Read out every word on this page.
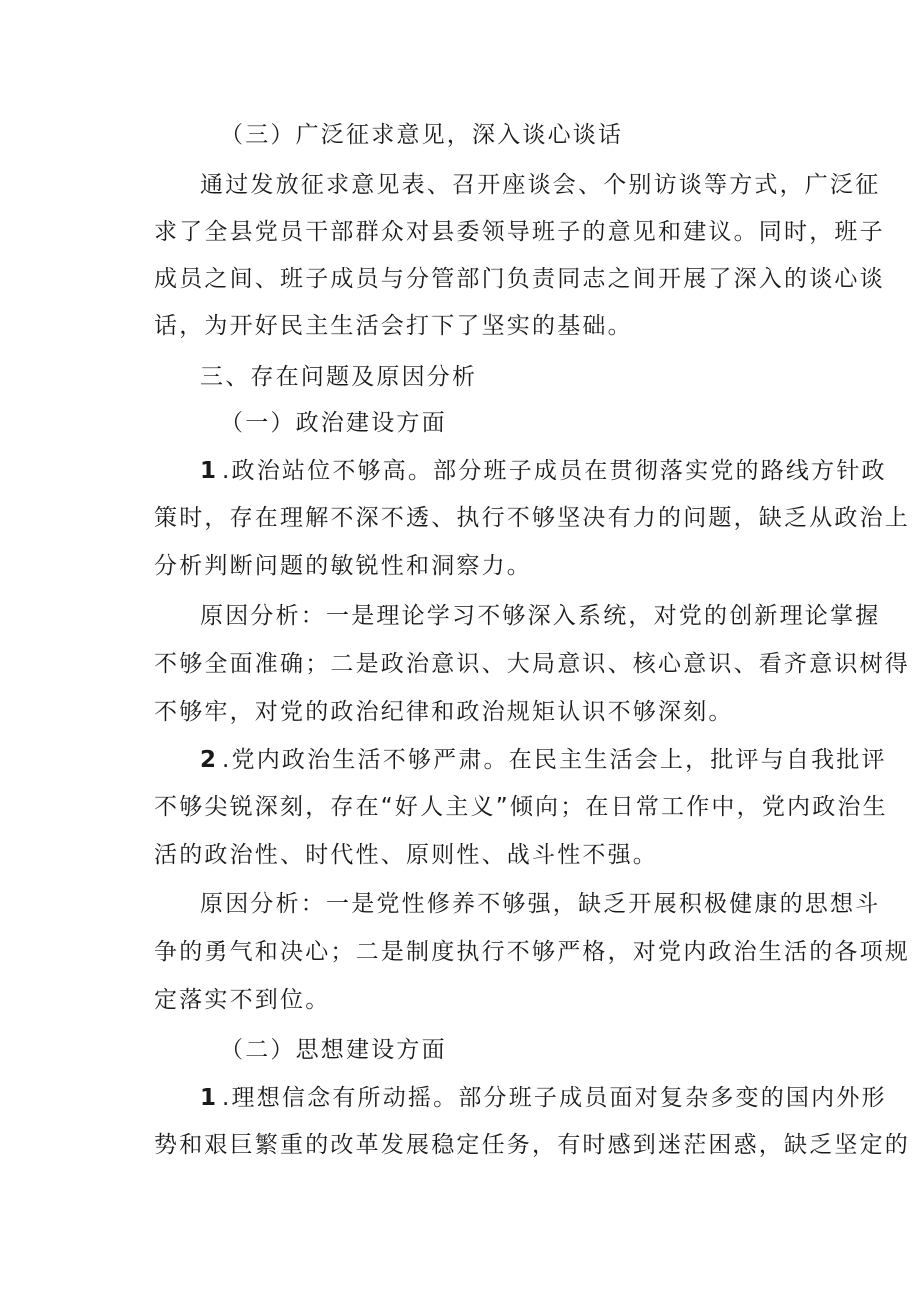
（三）广泛征求意见，深入谈心谈话
通过发放征求意见表、召开座谈会、个别访谈等方式，广泛征
求了全县党员干部群众对县委领导班子的意见和建议。同时，班子
成员之间、班子成员与分管部门负责同志之间开展了深入的谈心谈
话，为开好民主生活会打下了坚实的基础。
三、存在问题及原因分析
（一）政治建设方面
1 .政治站位不够高。部分班子成员在贯彻落实党的路线方针政
策时，存在理解不深不透、执行不够坚决有力的问题，缺乏从政治上
分析判断问题的敏锐性和洞察力。
原因分析：一是理论学习不够深入系统，对党的创新理论掌握
不够全面准确；二是政治意识、大局意识、核心意识、看齐意识树得
不够牢，对党的政治纪律和政治规矩认识不够深刻。
2 .党内政治生活不够严肃。在民主生活会上，批评与自我批评
不够尖锐深刻，存在“好人主义”倾向；在日常工作中，党内政治生
活的政治性、时代性、原则性、战斗性不强。
原因分析：一是党性修养不够强，缺乏开展积极健康的思想斗
争的勇气和决心；二是制度执行不够严格，对党内政治生活的各项规
定落实不到位。
（二）思想建设方面
1 .理想信念有所动摇。部分班子成员面对复杂多变的国内外形
势和艰巨繁重的改革发展稳定任务，有时感到迷茫困惑，缺乏坚定的
